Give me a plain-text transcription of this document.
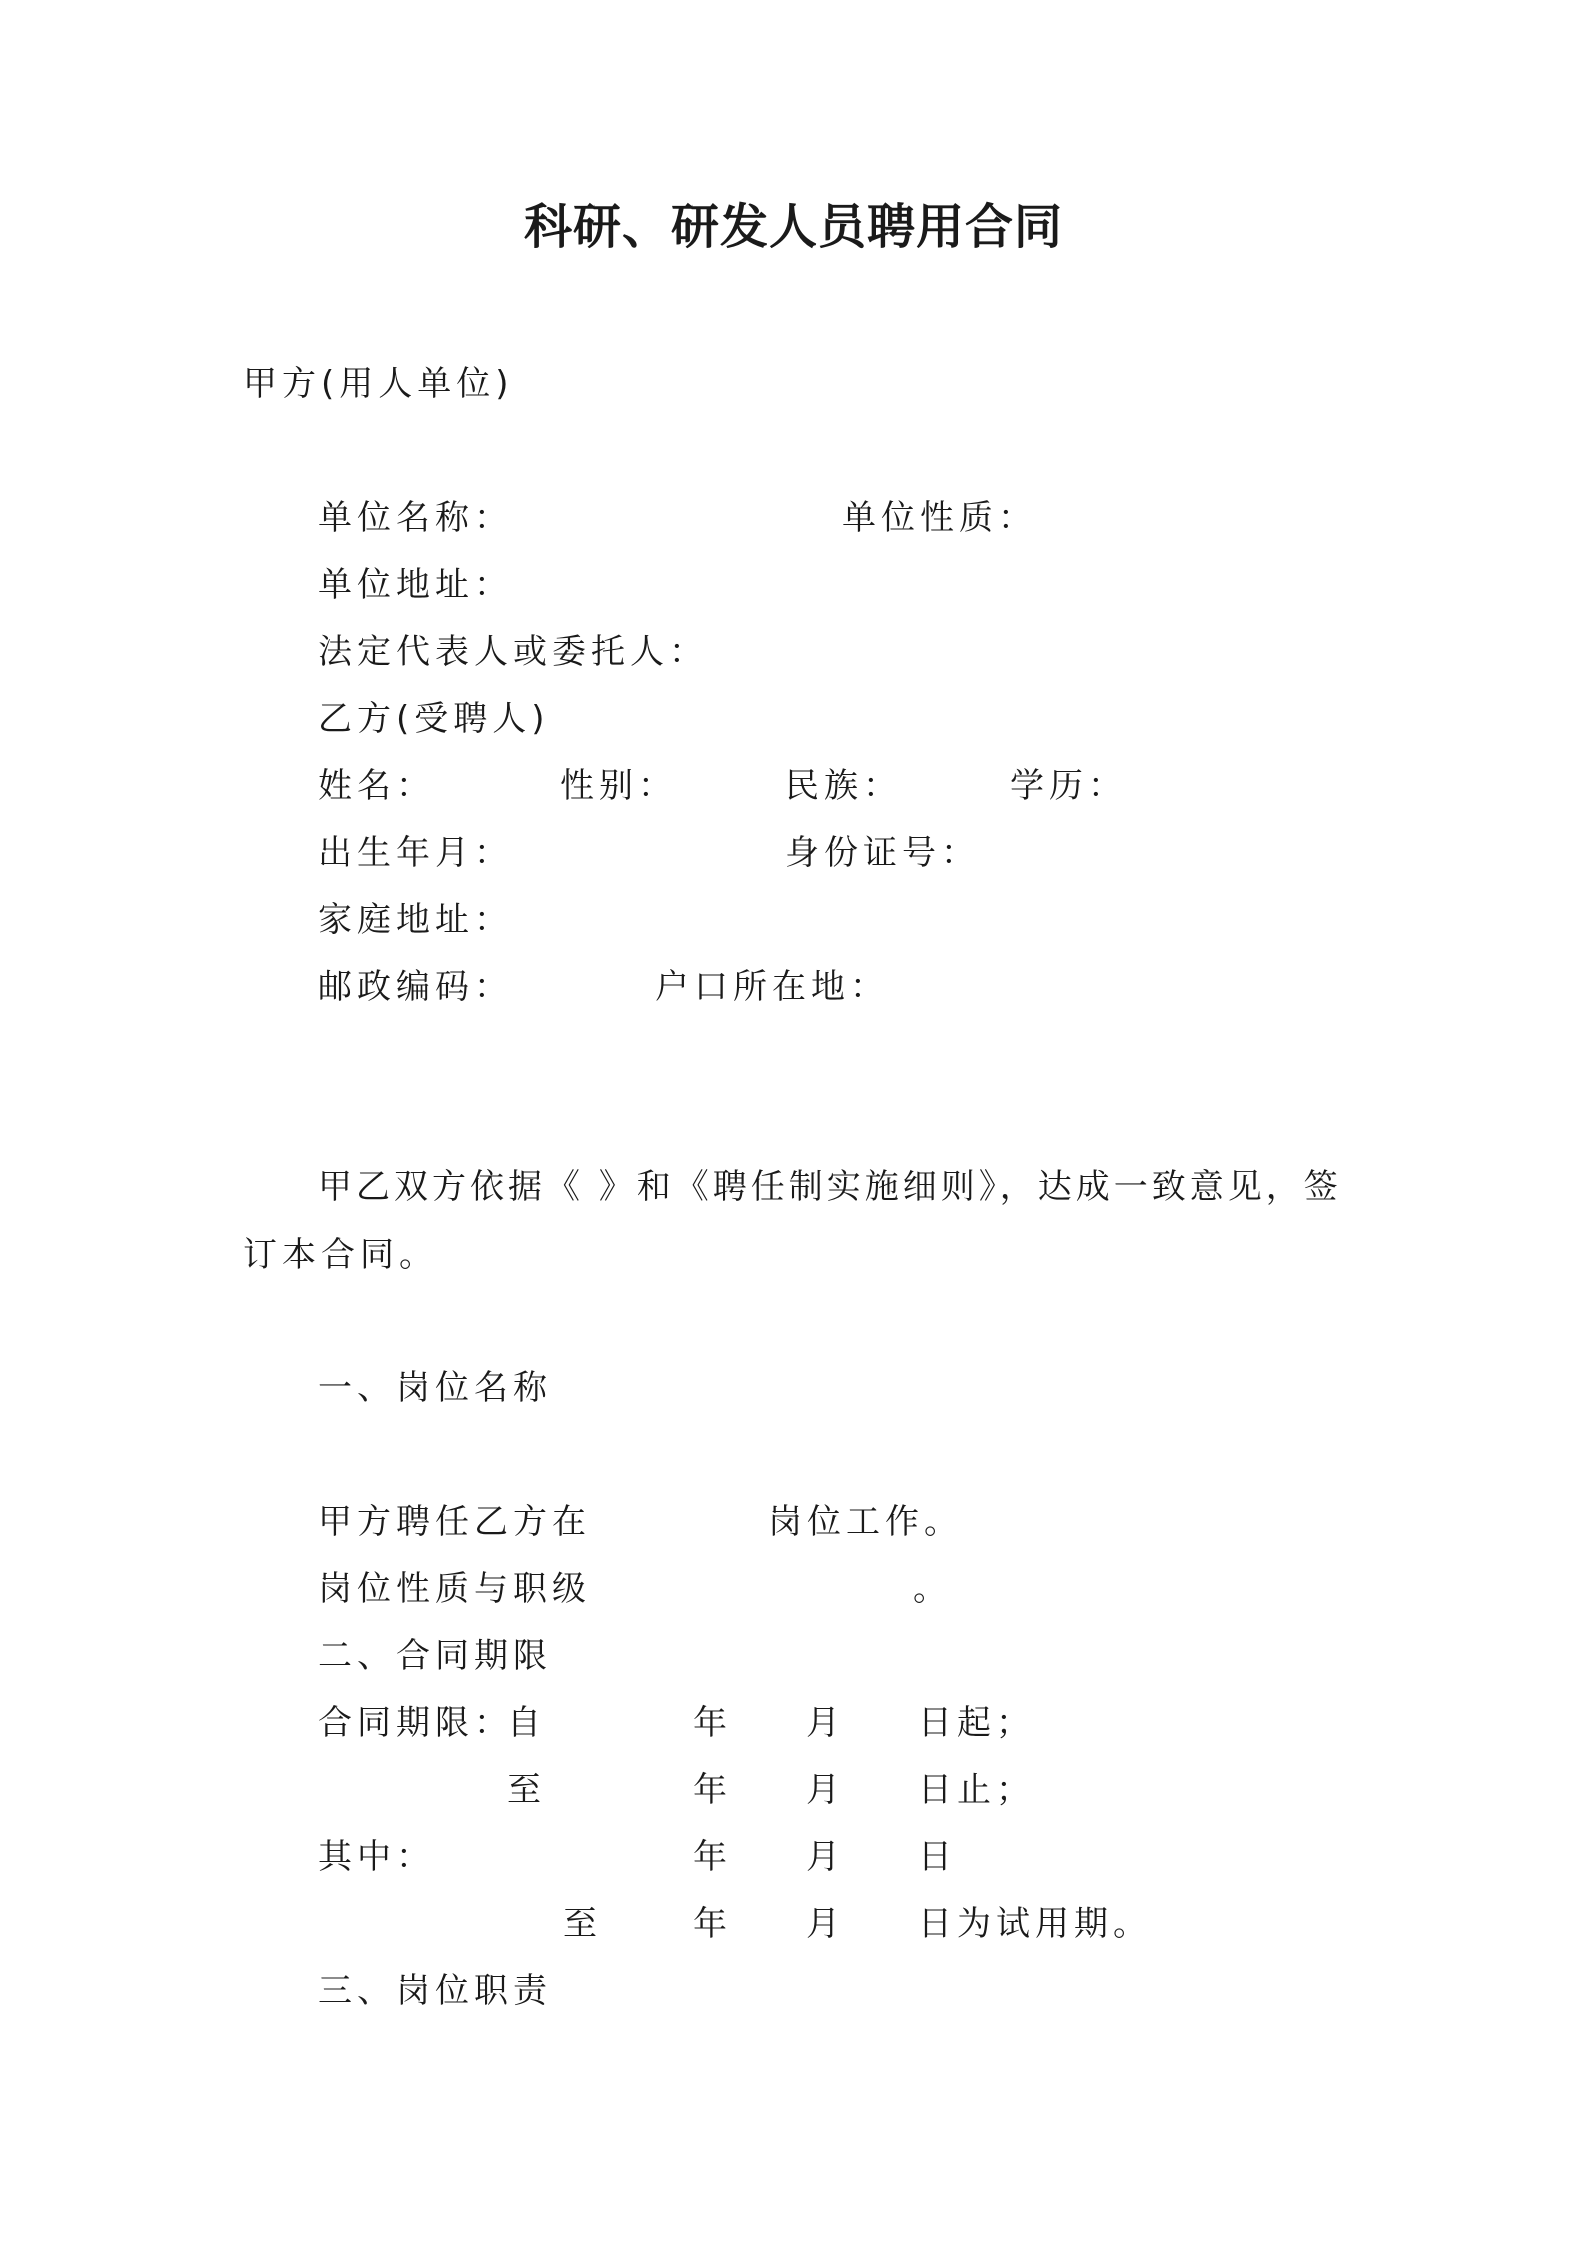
科研、研发人员聘用合同
甲方(用人单位)
单位名称：	单位性质：
单位地址：
法定代表人或委托人：
乙方(受聘人)
姓名：	性别：	民族：	学历：
出生年月：	身份证号：
家庭地址：
邮政编码：	户口所在地：
甲乙双方依据《 》和《聘任制实施细则》，达成一致意见，签
订本合同。
一、岗位名称
甲方聘任乙方在	岗位工作。
岗位性质与职级	。
二、合同期限
合同期限：
自	年 月 日起；
至	年 月 日止；
其中：	年 月 日
至	年 月 日为试用期。
三、岗位职责
